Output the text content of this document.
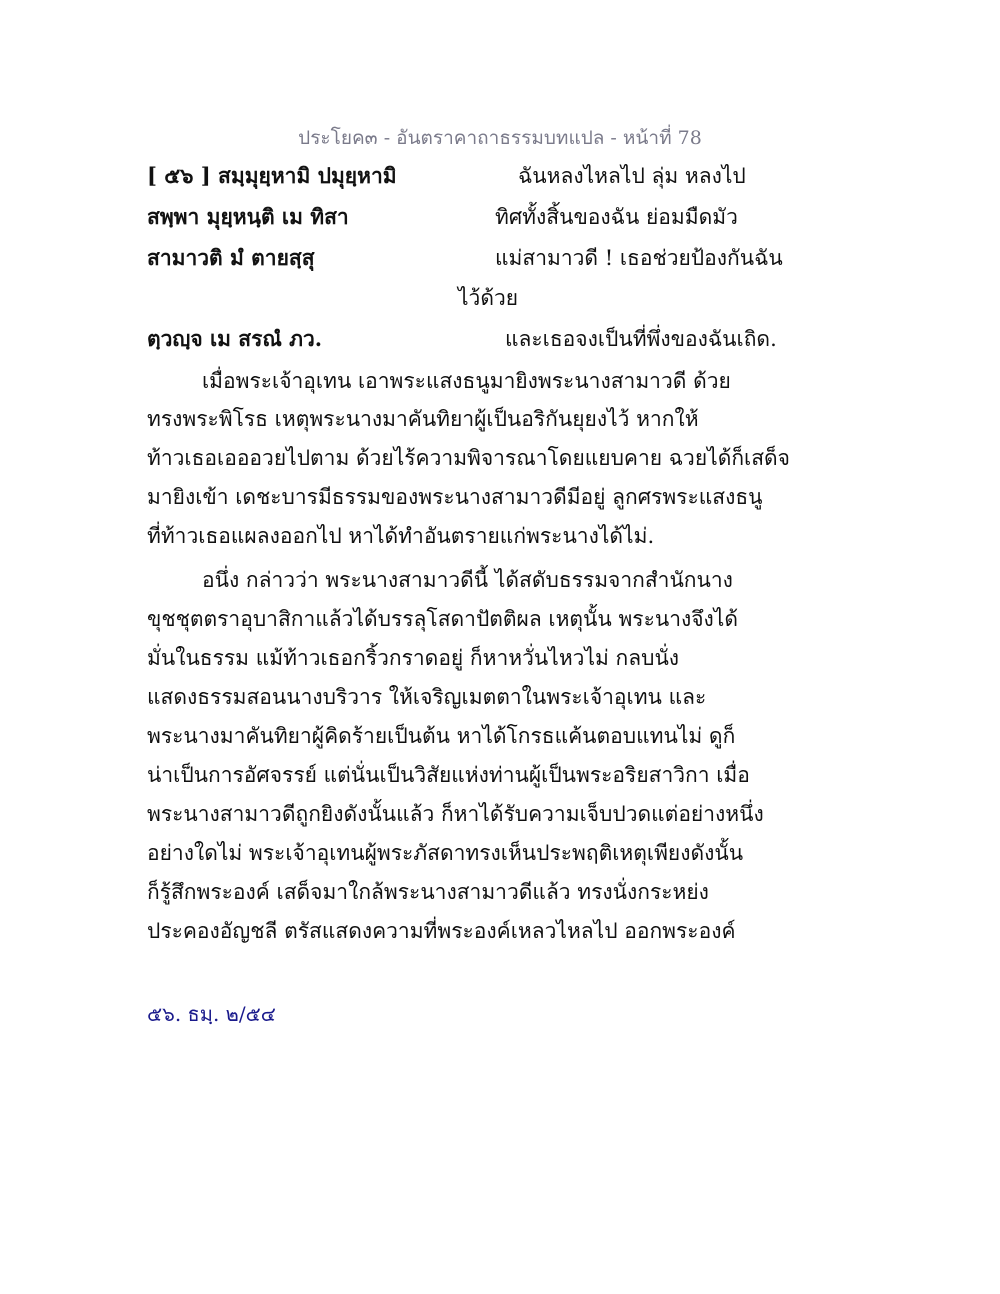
ประโยค๓ - อันตราคาถาธรรมบทแปล - หน้าที่ 78
[ ๕๖ ] สมฺมุยฺหามิ ปมุยฺหามิ	ฉันหลงไหลไป ลุ่ม หลงไป
สพฺพา มุยฺหนฺติ เม ทิสา	ทิศทั้งสิ้นของฉัน ย่อมมืดมัว
สามาวติ มํ ตายสฺสุ	แม่สามาวดี ! เธอช่วยป้องกันฉัน
ไว้ด้วย
ตฺวญฺจ เม สรณํ ภว.	และเธอจงเป็นที่พึ่งของฉันเถิด.
เมื่อพระเจ้าอุเทน เอาพระแสงธนูมายิงพระนางสามาวดี ด้วย
ทรงพระพิโรธ เหตุพระนางมาคันทิยาผู้เป็นอริกันยุยงไว้ หากให้
ท้าวเธอเอออวยไปตาม ด้วยไร้ความพิจารณาโดยแยบคาย ฉวยได้ก็เสด็จ
มายิงเข้า เดชะบารมีธรรมของพระนางสามาวดีมีอยู่ ลูกศรพระแสงธนู
ที่ท้าวเธอแผลงออกไป หาได้ทำอันตรายแก่พระนางได้ไม่.
อนึ่ง กล่าวว่า พระนางสามาวดีนี้ ได้สดับธรรมจากสำนักนาง
ขุชชุตตราอุบาสิกาแล้วได้บรรลุโสดาปัตติผล เหตุนั้น พระนางจึงได้
มั่นในธรรม แม้ท้าวเธอกริ้วกราดอยู่ ก็หาหวั่นไหวไม่ กลบนั่ง
แสดงธรรมสอนนางบริวาร ให้เจริญเมตตาในพระเจ้าอุเทน และ
พระนางมาคันทิยาผู้คิดร้ายเป็นต้น หาได้โกรธแค้นตอบแทนไม่ ดูก็
น่าเป็นการอัศจรรย์ แต่นั่นเป็นวิสัยแห่งท่านผู้เป็นพระอริยสาวิกา เมื่อ
พระนางสามาวดีถูกยิงดังนั้นแล้ว ก็หาได้รับความเจ็บปวดแต่อย่างหนึ่ง
อย่างใดไม่ พระเจ้าอุเทนผู้พระภัสดาทรงเห็นประพฤติเหตุเพียงดังนั้น
ก็รู้สึกพระองค์ เสด็จมาใกล้พระนางสามาวดีแล้ว ทรงนั่งกระหย่ง
ประคองอัญชลี ตรัสแสดงความที่พระองค์เหลวไหลไป ออกพระองค์
๕๖. ธมฺ. ๒/๕๔
